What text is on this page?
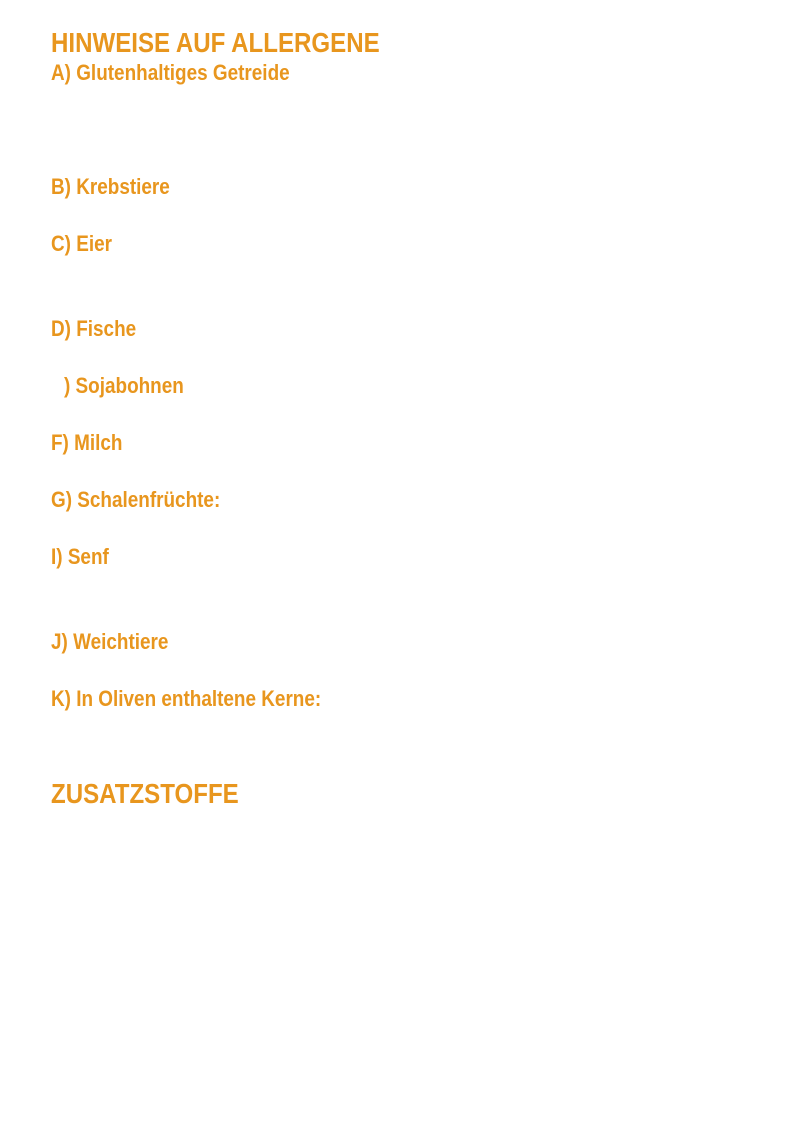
HINWEISE AUF ALLERGENE

A) Glutenhaltiges Getreide

B) Krebstiere

C) Eier

D) Fische

) Sojabohnen

F) Milch

G) Schalenfrüchte:

I) Senf

J) Weichtiere

K) In Oliven enthaltene Kerne:

ZUSATZSTOFFE
